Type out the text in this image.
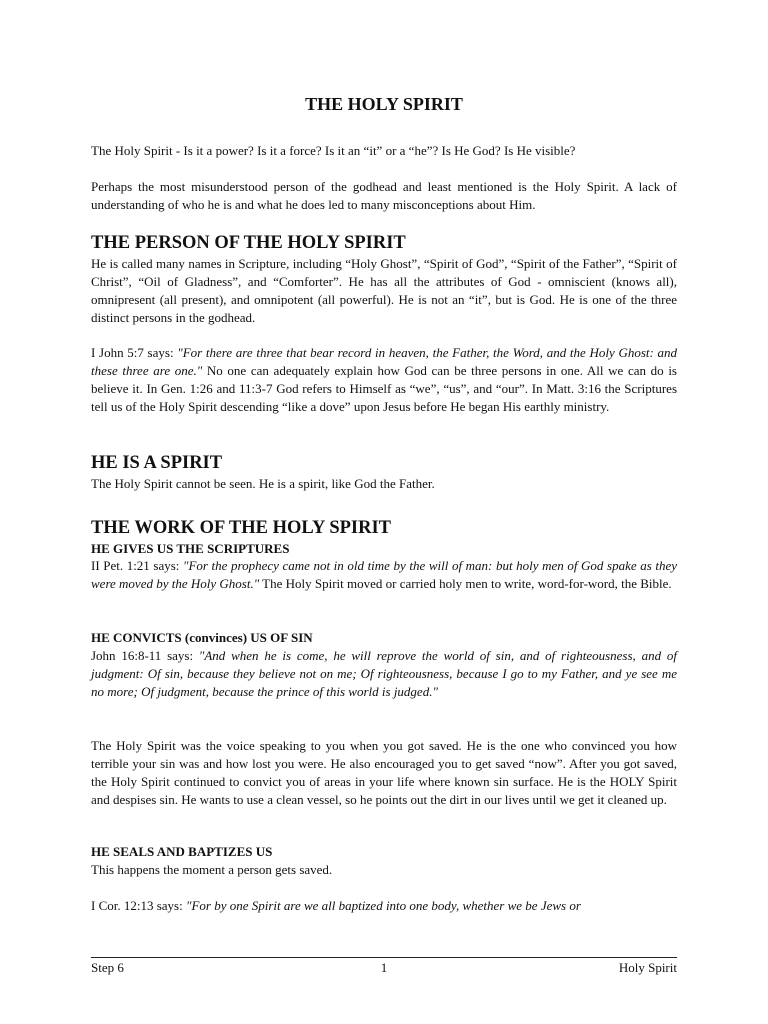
THE HOLY SPIRIT

The Holy Spirit - Is it a power? Is it a force? Is it an “it” or a “he”? Is He God? Is He visible?

Perhaps the most misunderstood person of the godhead and least mentioned is the Holy Spirit. A lack of understanding of who he is and what he does led to many misconceptions about Him.

THE PERSON OF THE HOLY SPIRIT

He is called many names in Scripture, including “Holy Ghost”, “Spirit of God”, “Spirit of the Father”, “Spirit of Christ”, “Oil of Gladness”, and “Comforter”. He has all the attributes of God - omniscient (knows all), omnipresent (all present), and omnipotent (all powerful). He is not an “it”, but is God. He is one of the three distinct persons in the godhead.

I John 5:7 says: "For there are three that bear record in heaven, the Father, the Word, and the Holy Ghost: and these three are one." No one can adequately explain how God can be three persons in one. All we can do is believe it. In Gen. 1:26 and 11:3-7 God refers to Himself as “we”, “us”, and “our”. In Matt. 3:16 the Scriptures tell us of the Holy Spirit descending “like a dove” upon Jesus before He began His earthly ministry.

HE IS A SPIRIT

The Holy Spirit cannot be seen. He is a spirit, like God the Father.

THE WORK OF THE HOLY SPIRIT
HE GIVES US THE SCRIPTURES

II Pet. 1:21 says: "For the prophecy came not in old time by the will of man: but holy men of God spake as they were moved by the Holy Ghost." The Holy Spirit moved or carried holy men to write, word-for-word, the Bible.

HE CONVICTS (convinces) US OF SIN

John 16:8-11 says: "And when he is come, he will reprove the world of sin, and of righteousness, and of judgment: Of sin, because they believe not on me; Of righteousness, because I go to my Father, and ye see me no more; Of judgment, because the prince of this world is judged."

The Holy Spirit was the voice speaking to you when you got saved. He is the one who convinced you how terrible your sin was and how lost you were. He also encouraged you to get saved “now”. After you got saved, the Holy Spirit continued to convict you of areas in your life where known sin surface. He is the HOLY Spirit and despises sin. He wants to use a clean vessel, so he points out the dirt in our lives until we get it cleaned up.

HE SEALS AND BAPTIZES US

This happens the moment a person gets saved.

I Cor. 12:13 says: "For by one Spirit are we all baptized into one body, whether we be Jews or

Step 6	1	Holy Spirit
